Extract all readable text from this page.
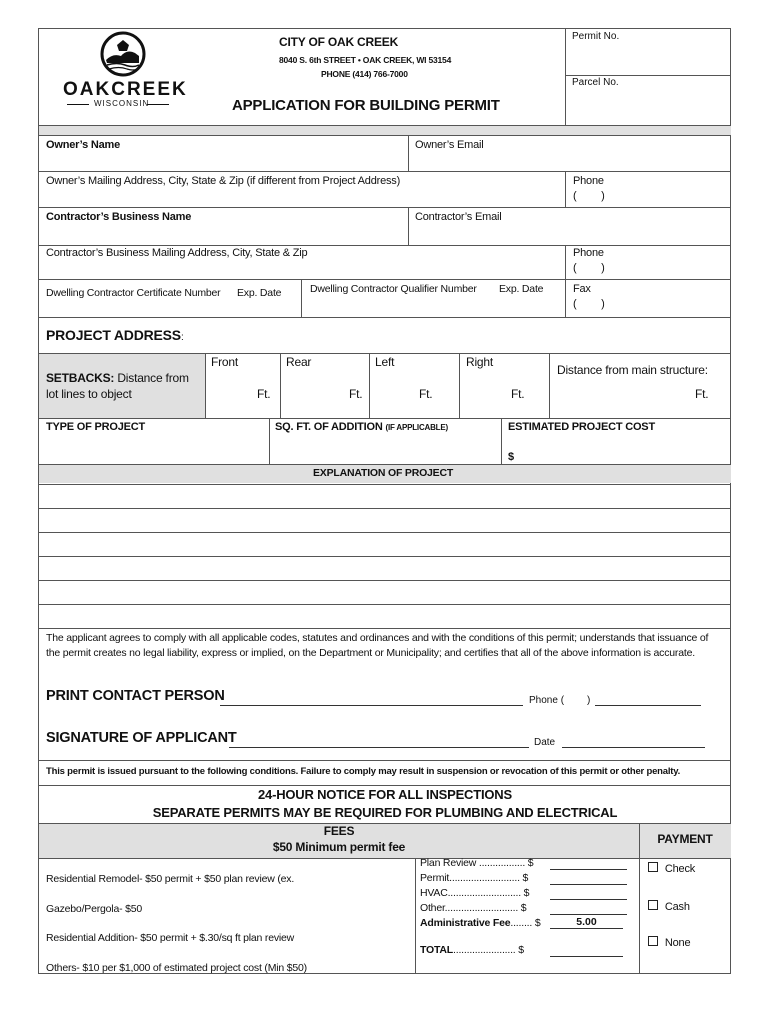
OAKCREEK
WISCONSIN
CITY OF OAK CREEK
8040 S. 6th STREET • OAK CREEK, WI 53154
PHONE (414) 766-7000
APPLICATION FOR BUILDING PERMIT
Permit No.
Parcel No.
Owner’s Name	Owner’s Email
Owner’s Mailing Address, City, State & Zip (if different from Project Address)	Phone
(        )
Contractor’s Business Name	Contractor’s Email
Contractor’s Business Mailing Address, City, State & Zip	Phone
(        )
Dwelling Contractor Certificate Number Exp. Date	Dwelling Contractor Qualifier Number Exp. Date	Fax
(        )
PROJECT ADDRESS:
SETBACKS: Distance from
lot lines to object
Front
Ft.
Rear
Ft.
Left
Ft.
Right
Ft.
Distance from main structure:
Ft.
TYPE OF PROJECT	SQ. FT. OF ADDITION (IF APPLICABLE)	ESTIMATED PROJECT COST
$
EXPLANATION OF PROJECT
The applicant agrees to comply with all applicable codes, statutes and ordinances and with the conditions of this permit; understands that issuance of the permit creates no legal liability, express or implied, on the Department or Municipality; and certifies that all of the above information is accurate.
PRINT CONTACT PERSON	Phone ( )
SIGNATURE OF APPLICANT	Date
This permit is issued pursuant to the following conditions. Failure to comply may result in suspension or revocation of this permit or other penalty.
24-HOUR NOTICE FOR ALL INSPECTIONS
SEPARATE PERMITS MAY BE REQUIRED FOR PLUMBING AND ELECTRICAL
FEES
$50 Minimum permit fee
PAYMENT
Residential Remodel- $50 permit + $50 plan review (ex.
Gazebo/Pergola- $50
Residential Addition- $50 permit + $.30/sq ft plan review
Others- $10 per $1,000 of estimated project cost (Min $50)
Plan Review ................. $
Permit.......................... $
HVAC........................... $
Other........................... $
Administrative Fee........ $	5.00
TOTAL....................... $
Check
Cash
None
